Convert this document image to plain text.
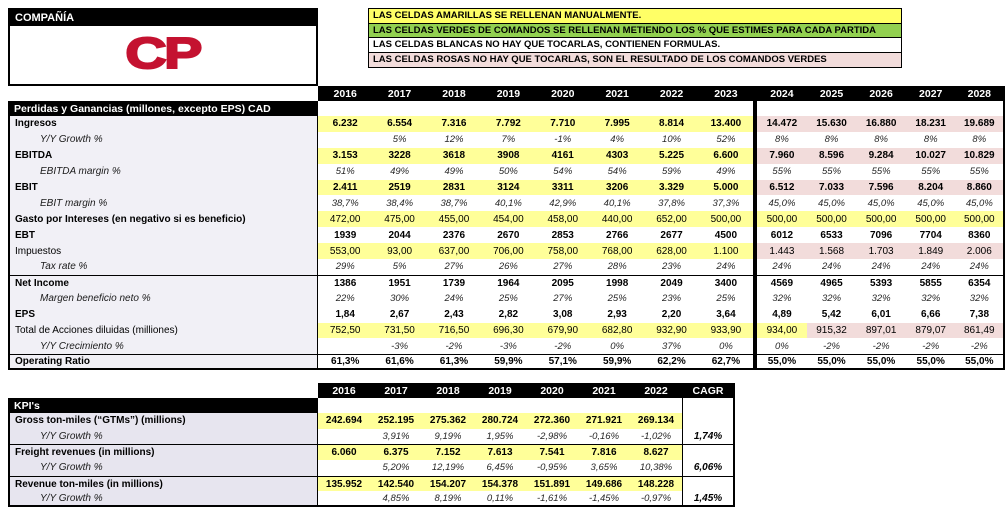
COMPAÑÍA
CP
LAS CELDAS AMARILLAS SE RELLENAN MANUALMENTE.
LAS CELDAS VERDES DE COMANDOS SE RELLENAN METIENDO LOS % QUE ESTIMES PARA CADA PARTIDA
LAS CELDAS BLANCAS NO HAY QUE TOCARLAS, CONTIENEN FORMULAS.
LAS CELDAS ROSAS NO HAY QUE TOCARLAS, SON EL RESULTADO DE LOS COMANDOS VERDES
2016	2017	2018	2019	2020	2021	2022	2023	2024	2025	2026	2027	2028
Perdidas y Ganancias (millones, excepto EPS) CAD
Ingresos	6.232	6.554	7.316	7.792	7.710	7.995	8.814	13.400	14.472	15.630	16.880	18.231	19.689
Y/Y Growth %	5%	12%	7%	-1%	4%	10%	52%	8%	8%	8%	8%	8%
EBITDA	3.153	3228	3618	3908	4161	4303	5.225	6.600	7.960	8.596	9.284	10.027	10.829
EBITDA margin %	51%	49%	49%	50%	54%	54%	59%	49%	55%	55%	55%	55%	55%
EBIT	2.411	2519	2831	3124	3311	3206	3.329	5.000	6.512	7.033	7.596	8.204	8.860
EBIT margin %	38,7%	38,4%	38,7%	40,1%	42,9%	40,1%	37,8%	37,3%	45,0%	45,0%	45,0%	45,0%	45,0%
Gasto por Intereses (en negativo si es beneficio)	472,00	475,00	455,00	454,00	458,00	440,00	652,00	500,00	500,00	500,00	500,00	500,00	500,00
EBT	1939	2044	2376	2670	2853	2766	2677	4500	6012	6533	7096	7704	8360
Impuestos	553,00	93,00	637,00	706,00	758,00	768,00	628,00	1.100	1.443	1.568	1.703	1.849	2.006
Tax rate %	29%	5%	27%	26%	27%	28%	23%	24%	24%	24%	24%	24%	24%
Net Income	1386	1951	1739	1964	2095	1998	2049	3400	4569	4965	5393	5855	6354
Margen beneficio neto %	22%	30%	24%	25%	27%	25%	23%	25%	32%	32%	32%	32%	32%
EPS	1,84	2,67	2,43	2,82	3,08	2,93	2,20	3,64	4,89	5,42	6,01	6,66	7,38
Total de Acciones diluidas (milliones)	752,50	731,50	716,50	696,30	679,90	682,80	932,90	933,90	934,00	915,32	897,01	879,07	861,49
Y/Y Crecimiento %	-3%	-2%	-3%	-2%	0%	37%	0%	0%	-2%	-2%	-2%	-2%
Operating Ratio	61,3%	61,6%	61,3%	59,9%	57,1%	59,9%	62,2%	62,7%	55,0%	55,0%	55,0%	55,0%	55,0%
2016	2017	2018	2019	2020	2021	2022	CAGR
KPI's
Gross ton-miles (“GTMs”) (millions)	242.694	252.195	275.362	280.724	272.360	271.921	269.134
Y/Y Growth %	3,91%	9,19%	1,95%	-2,98%	-0,16%	-1,02%	1,74%
Freight revenues (in millions)	6.060	6.375	7.152	7.613	7.541	7.816	8.627
Y/Y Growth %	5,20%	12,19%	6,45%	-0,95%	3,65%	10,38%	6,06%
Revenue ton-miles (in millions)	135.952	142.540	154.207	154.378	151.891	149.686	148.228
Y/Y Growth %	4,85%	8,19%	0,11%	-1,61%	-1,45%	-0,97%	1,45%
